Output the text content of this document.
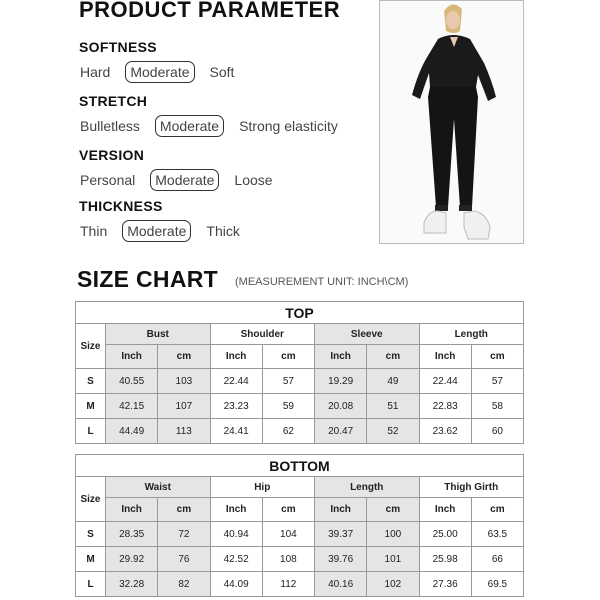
PRODUCT PARAMETER
SOFTNESS
Hard	Moderate	Soft
STRETCH
Bulletless	Moderate	Strong elasticity
VERSION
Personal	Moderate	Loose
THICKNESS
Thin	Moderate	Thick
SIZE CHART (MEASUREMENT UNIT: INCH\CM)
TOP								
Size	Bust		Shoulder		Sleeve		Length	
	Inch	cm	Inch	cm	Inch	cm	Inch	cm
S	40.55	103	22.44	57	19.29	49	22.44	57
M	42.15	107	23.23	59	20.08	51	22.83	58
L	44.49	113	24.41	62	20.47	52	23.62	60
BOTTOM								
Size	Waist		Hip		Length		Thigh Girth	
	Inch	cm	Inch	cm	Inch	cm	Inch	cm
S	28.35	72	40.94	104	39.37	100	25.00	63.5
M	29.92	76	42.52	108	39.76	101	25.98	66
L	32.28	82	44.09	112	40.16	102	27.36	69.5
